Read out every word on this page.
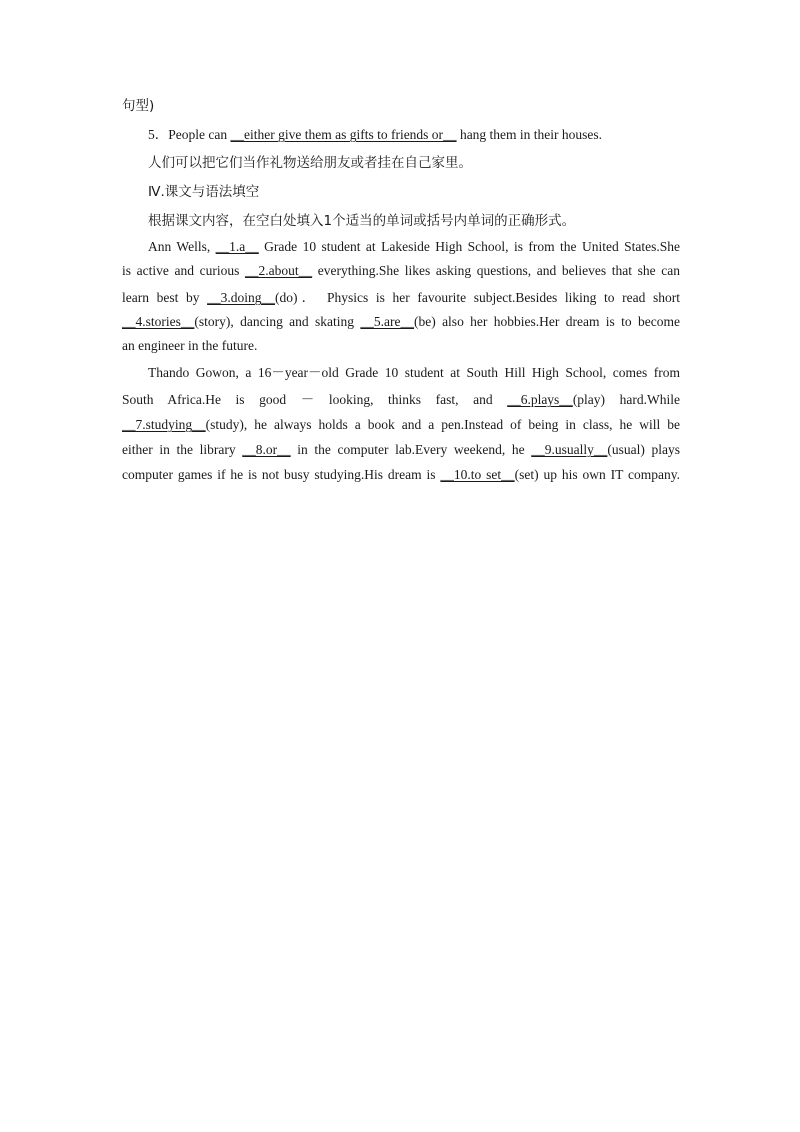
句型)
5．People can __either give them as gifts to friends or__ hang them in their houses.
人们可以把它们当作礼物送给朋友或者挂在自己家里。
Ⅳ.课文与语法填空
根据课文内容，在空白处填入1个适当的单词或括号内单词的正确形式。
Ann Wells, __1.a__ Grade 10 student at Lakeside High School, is from the United States.She
is active and curious __2.about__ everything.She likes asking questions, and believes that she can
learn best by __3.doing__(do)． Physics is her favourite subject.Besides liking to read short
__4.stories__(story), dancing and skating __5.are__(be) also her hobbies.Her dream is to become
an engineer in the future.
Thando Gowon, a 16－year－old Grade 10 student at South Hill High School, comes from
South Africa.He is good － looking, thinks fast, and __6.plays__(play) hard.While
__7.studying__(study), he always holds a book and a pen.Instead of being in class, he will be
either in the library __8.or__ in the computer lab.Every weekend, he __9.usually__(usual) plays
computer games if he is not busy studying.His dream is __10.to set__(set) up his own IT company.
